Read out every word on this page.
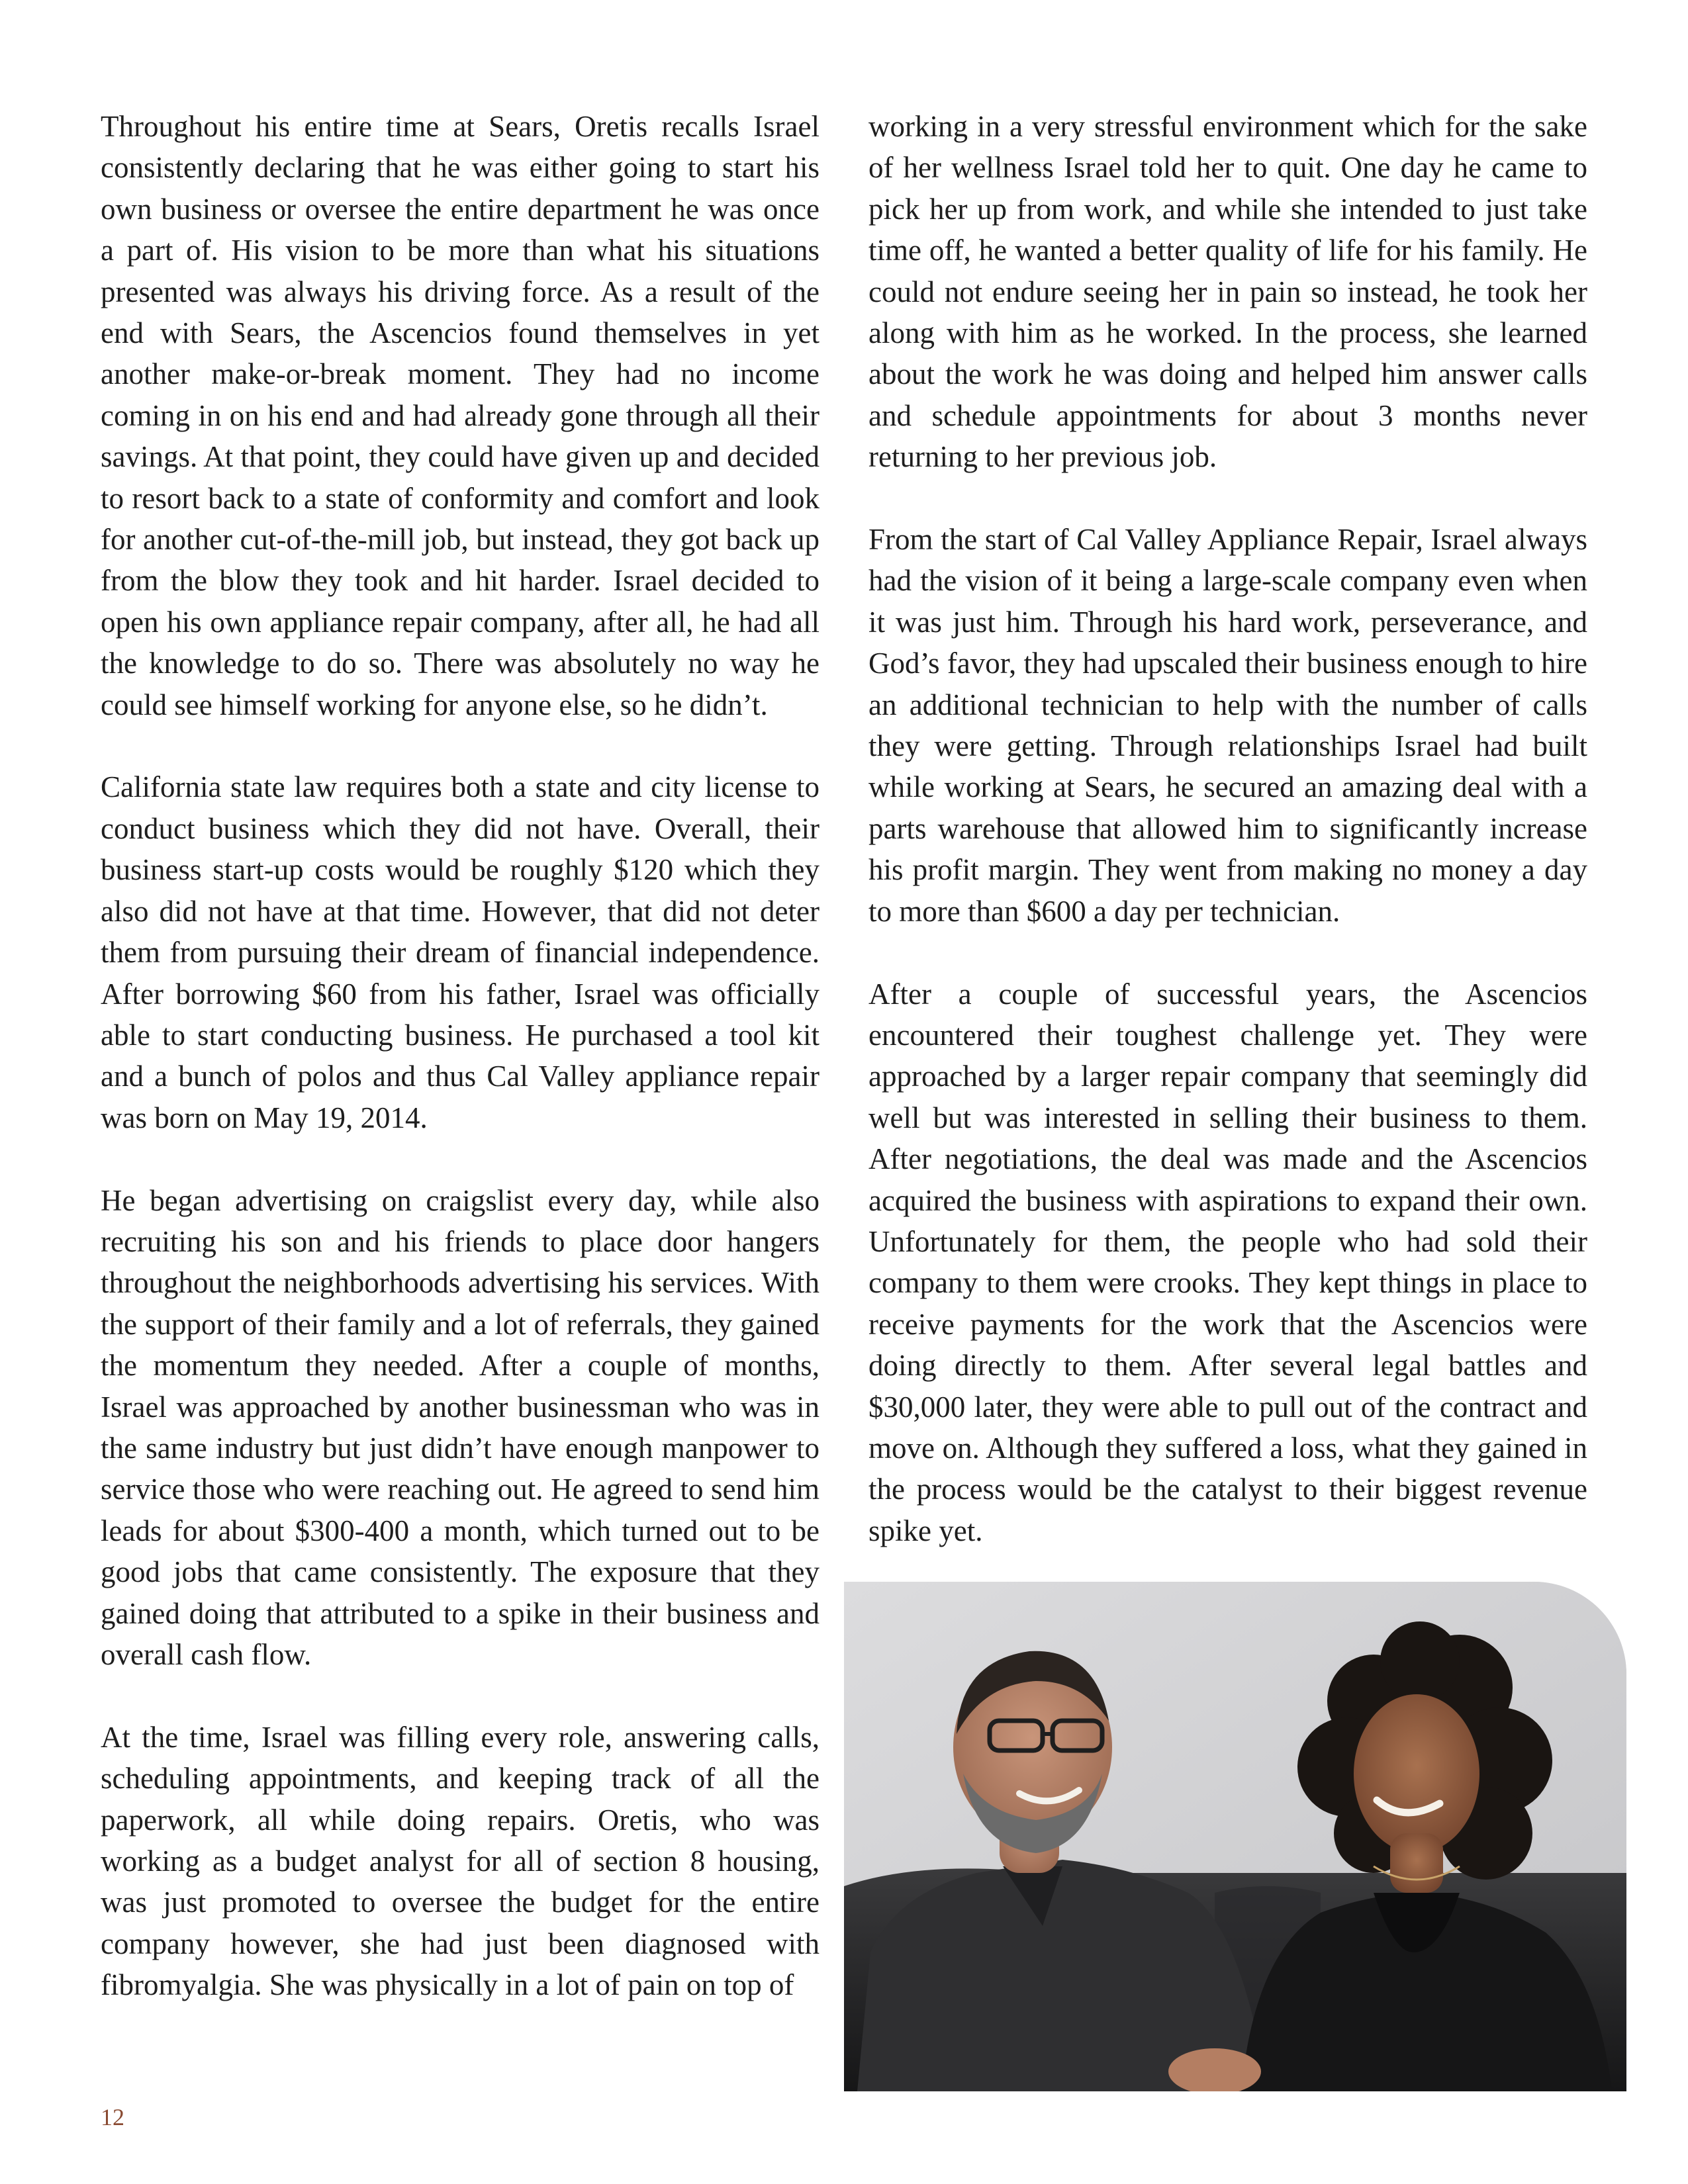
Throughout his entire time at Sears, Oretis recalls Israel consistently declaring that he was either going to start his own business or oversee the entire department he was once a part of. His vision to be more than what his situations presented was always his driving force. As a result of the end with Sears, the Ascencios found themselves in yet another make-or-break moment. They had no income coming in on his end and had already gone through all their savings. At that point, they could have given up and decided to resort back to a state of conformity and comfort and look for another cut-of-the-mill job, but instead, they got back up from the blow they took and hit harder. Israel decided to open his own appliance repair company, after all, he had all the knowledge to do so. There was absolutely no way he could see himself working for anyone else, so he didn’t.

California state law requires both a state and city license to conduct business which they did not have. Overall, their business start-up costs would be roughly $120 which they also did not have at that time. However, that did not deter them from pursuing their dream of financial independence. After borrowing $60 from his father, Israel was officially able to start conducting business. He purchased a tool kit and a bunch of polos and thus Cal Valley appliance repair was born on May 19, 2014.

He began advertising on craigslist every day, while also recruiting his son and his friends to place door hangers throughout the neighborhoods advertising his services. With the support of their family and a lot of referrals, they gained the momentum they needed. After a couple of months, Israel was approached by another businessman who was in the same industry but just didn’t have enough manpower to service those who were reaching out. He agreed to send him leads for about $300-400 a month, which turned out to be good jobs that came consistently. The exposure that they gained doing that attributed to a spike in their business and overall cash flow.

At the time, Israel was filling every role, answering calls, scheduling appointments, and keeping track of all the paperwork, all while doing repairs. Oretis, who was working as a budget analyst for all of section 8 housing, was just promoted to oversee the budget for the entire company however, she had just been diagnosed with fibromyalgia. She was physically in a lot of pain on top of

working in a very stressful environment which for the sake of her wellness Israel told her to quit. One day he came to pick her up from work, and while she intended to just take time off, he wanted a better quality of life for his family. He could not endure seeing her in pain so instead, he took her along with him as he worked. In the process, she learned about the work he was doing and helped him answer calls and schedule appointments for about 3 months never returning to her previous job.

From the start of Cal Valley Appliance Repair, Israel always had the vision of it being a large-scale company even when it was just him. Through his hard work, perseverance, and God’s favor, they had upscaled their business enough to hire an additional technician to help with the number of calls they were getting. Through relationships Israel had built while working at Sears, he secured an amazing deal with a parts warehouse that allowed him to significantly increase his profit margin. They went from making no money a day to more than $600 a day per technician.

After a couple of successful years, the Ascencios encountered their toughest challenge yet. They were approached by a larger repair company that seemingly did well but was interested in selling their business to them. After negotiations, the deal was made and the Ascencios acquired the business with aspirations to expand their own. Unfortunately for them, the people who had sold their company to them were crooks. They kept things in place to receive payments for the work that the Ascencios were doing directly to them. After several legal battles and $30,000 later, they were able to pull out of the contract and move on. Although they suffered a loss, what they gained in the process would be the catalyst to their biggest revenue spike yet.

12
